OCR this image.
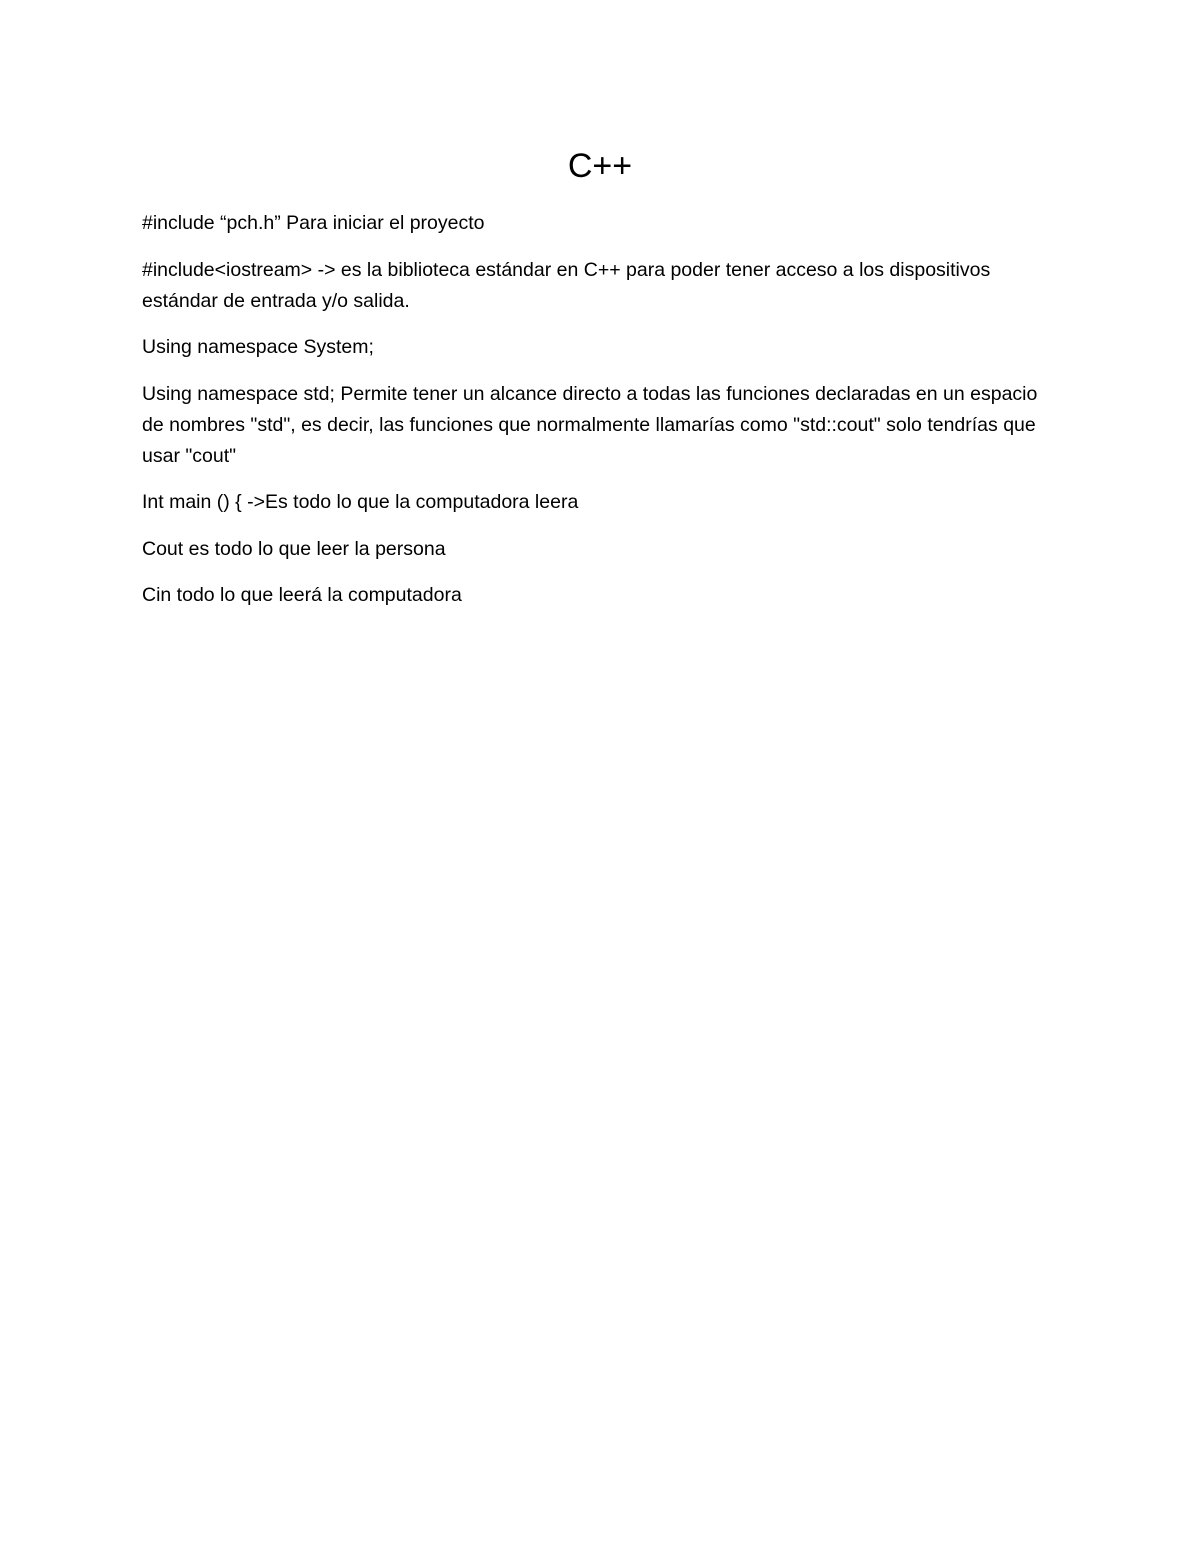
C++

#include “pch.h” Para iniciar el proyecto

#include<iostream> -> es la biblioteca estándar en C++ para poder tener acceso a los dispositivos estándar de entrada y/o salida.

Using namespace System;

Using namespace std; Permite tener un alcance directo a todas las funciones declaradas en un espacio de nombres "std", es decir, las funciones que normalmente llamarías como "std::cout" solo tendrías que usar "cout"

Int main () { ->Es todo lo que la computadora leera

Cout es todo lo que leer la persona

Cin todo lo que leerá la computadora
